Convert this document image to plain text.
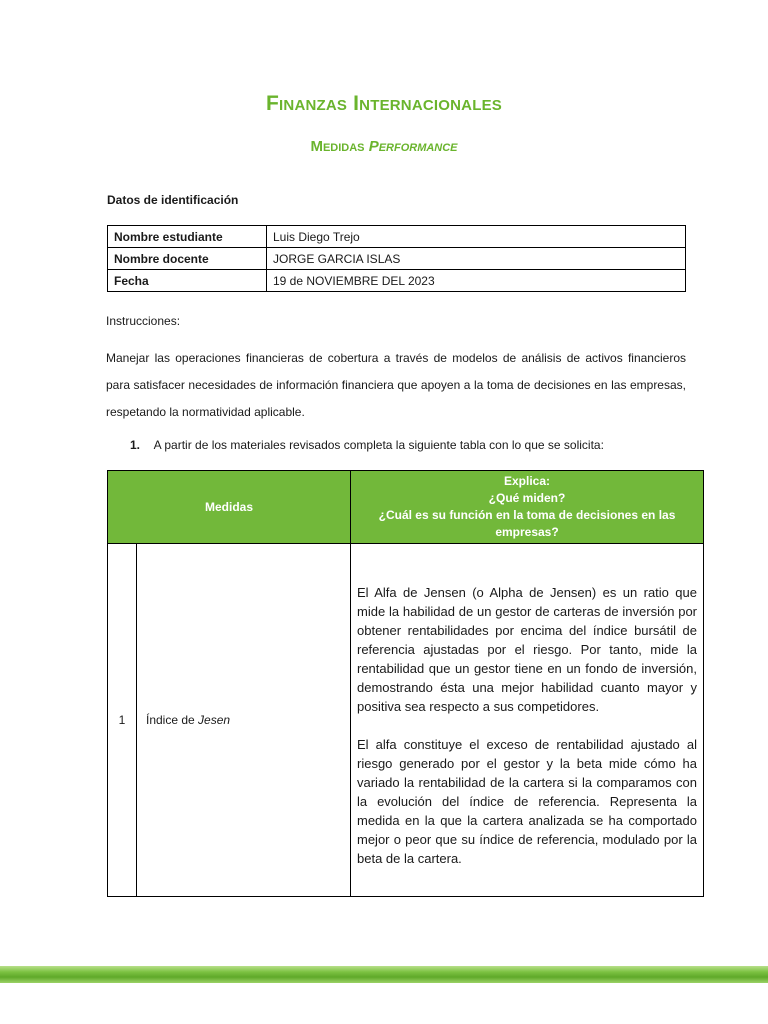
Finanzas Internacionales
Medidas Performance
Datos de identificación
Nombre estudiante	Luis Diego Trejo
Nombre docente	JORGE GARCIA ISLAS
Fecha	19 de NOVIEMBRE DEL 2023
Instrucciones:
Manejar las operaciones financieras de cobertura a través de modelos de análisis de activos financieros para satisfacer necesidades de información financiera que apoyen a la toma de decisiones en las empresas, respetando la normatividad aplicable.
1. A partir de los materiales revisados completa la siguiente tabla con lo que se solicita:
Medidas		Explica:
¿Qué miden?
¿Cuál es su función en la toma de decisiones en las
empresas?

1	Índice de Jesen	El Alfa de Jensen (o Alpha de Jensen) es un ratio que mide la habilidad de un gestor de carteras de inversión por obtener rentabilidades por encima del índice bursátil de referencia ajustadas por el riesgo. Por tanto, mide la rentabilidad que un gestor tiene en un fondo de inversión, demostrando ésta una mejor habilidad cuanto mayor y positiva sea respecto a sus competidores.

El alfa constituye el exceso de rentabilidad ajustado al riesgo generado por el gestor y la beta mide cómo ha variado la rentabilidad de la cartera si la comparamos con la evolución del índice de referencia. Representa la medida en la que la cartera analizada se ha comportado mejor o peor que su índice de referencia, modulado por la beta de la cartera.
